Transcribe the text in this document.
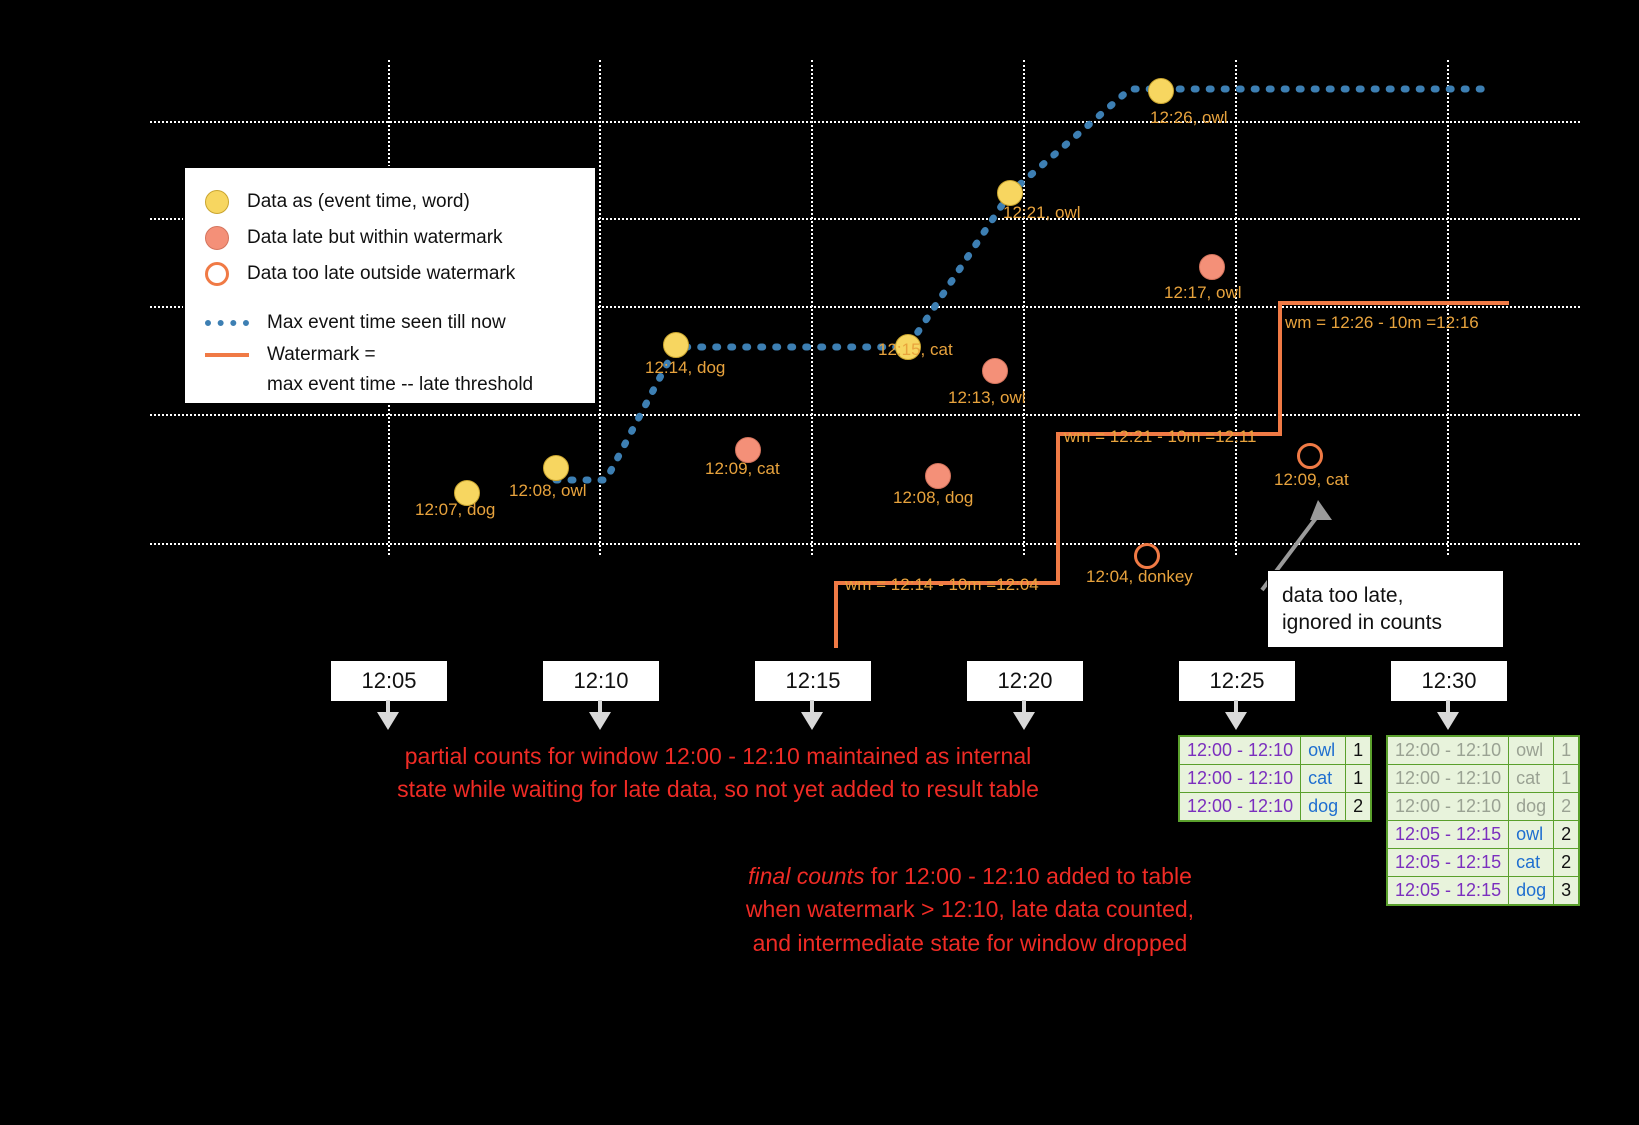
12:07, dog
12:08, owl
12:14, dog
12:15, cat
12:21, owl
12:26, owl
12:09, cat
12:08, dog
12:13, owl
12:17, owl
12:04, donkey
12:09, cat
wm = 12:14 - 10m =12:04
wm = 12:21 - 10m =12:11
wm = 12:26 - 10m =12:16
Data as (event time, word)
Data late but within watermark
Data too late outside watermark
Max event time seen till now
Watermark =
max event time -- late threshold
12:05	12:10	12:15	12:20	12:25	12:30
data too late,
ignored in counts
partial counts for window 12:00 - 12:10 maintained as internal
state while waiting for late data, so not yet added to result table
final counts for 12:00 - 12:10 added to table
when watermark > 12:10, late data counted,
and intermediate state for window dropped
12:00 - 12:10	owl	1
12:00 - 12:10	cat	1
12:00 - 12:10	dog	2
12:00 - 12:10	owl	1
12:00 - 12:10	cat	1
12:00 - 12:10	dog	2
12:05 - 12:15	owl	2
12:05 - 12:15	cat	2
12:05 - 12:15	dog	3
